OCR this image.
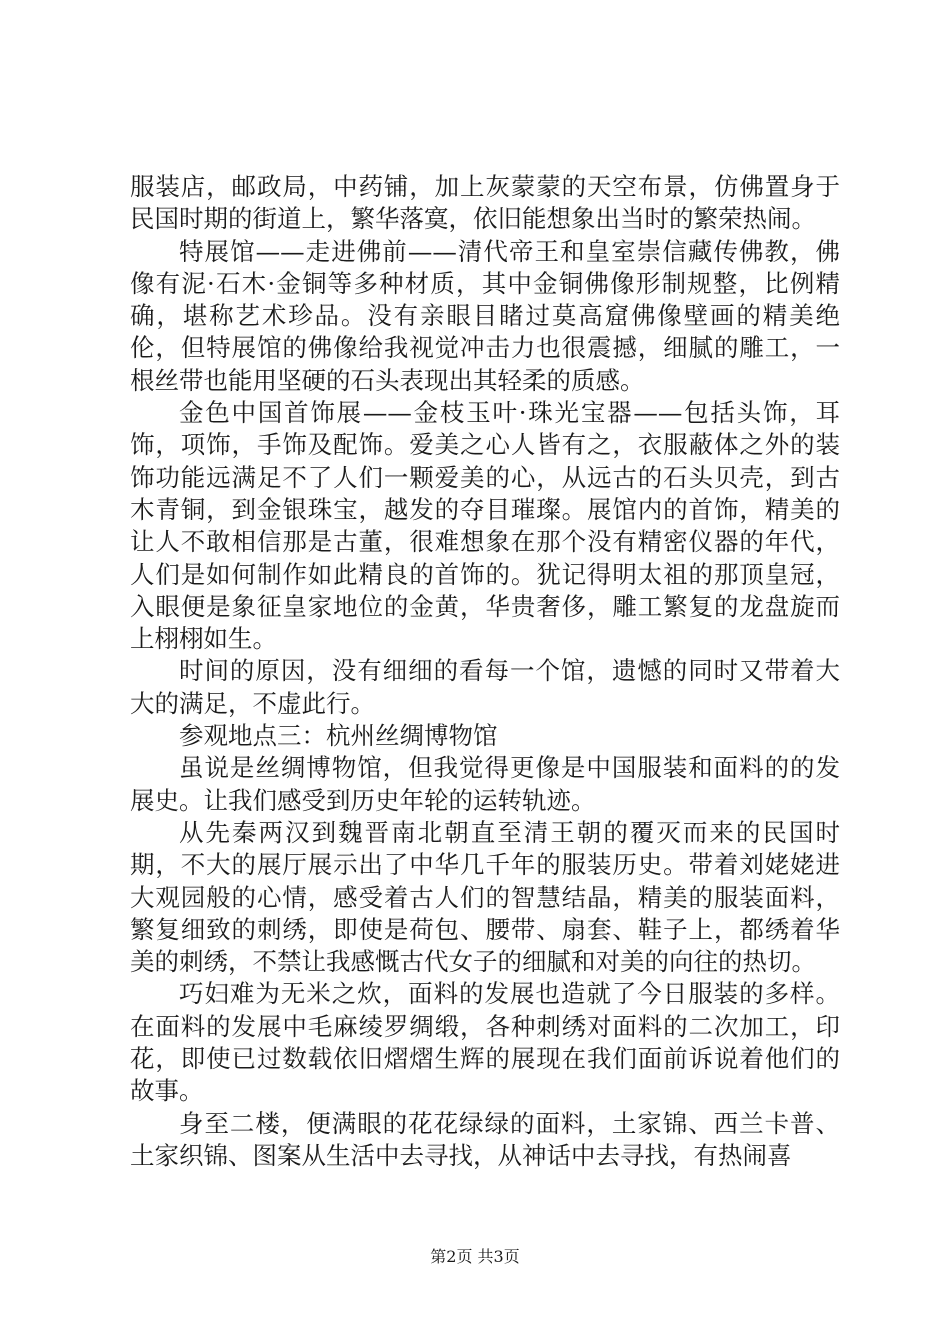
服装店，邮政局，中药铺，加上灰蒙蒙的天空布景，仿佛置身于民国时期的街道上，繁华落寞，依旧能想象出当时的繁荣热闹。

特展馆——走进佛前——清代帝王和皇室崇信藏传佛教，佛像有泥·石木·金铜等多种材质，其中金铜佛像形制规整，比例精确，堪称艺术珍品。没有亲眼目睹过莫高窟佛像壁画的精美绝伦，但特展馆的佛像给我视觉冲击力也很震撼，细腻的雕工，一根丝带也能用坚硬的石头表现出其轻柔的质感。

金色中国首饰展——金枝玉叶·珠光宝器——包括头饰，耳饰，项饰，手饰及配饰。爱美之心人皆有之，衣服蔽体之外的装饰功能远满足不了人们一颗爱美的心，从远古的石头贝壳，到古木青铜，到金银珠宝，越发的夺目璀璨。展馆内的首饰，精美的让人不敢相信那是古董，很难想象在那个没有精密仪器的年代，人们是如何制作如此精良的首饰的。犹记得明太祖的那顶皇冠，入眼便是象征皇家地位的金黄，华贵奢侈，雕工繁复的龙盘旋而上栩栩如生。

时间的原因，没有细细的看每一个馆，遗憾的同时又带着大大的满足，不虚此行。

参观地点三：杭州丝绸博物馆

虽说是丝绸博物馆，但我觉得更像是中国服装和面料的的发展史。让我们感受到历史年轮的运转轨迹。

从先秦两汉到魏晋南北朝直至清王朝的覆灭而来的民国时期，不大的展厅展示出了中华几千年的服装历史。带着刘姥姥进大观园般的心情，感受着古人们的智慧结晶，精美的服装面料，繁复细致的刺绣，即使是荷包、腰带、扇套、鞋子上，都绣着华美的刺绣，不禁让我感慨古代女子的细腻和对美的向往的热切。

巧妇难为无米之炊，面料的发展也造就了今日服装的多样。在面料的发展中毛麻绫罗绸缎，各种刺绣对面料的二次加工，印花，即使已过数载依旧熠熠生辉的展现在我们面前诉说着他们的故事。

身至二楼，便满眼的花花绿绿的面料，土家锦、西兰卡普、土家织锦、图案从生活中去寻找，从神话中去寻找，有热闹喜

第2页 共3页
